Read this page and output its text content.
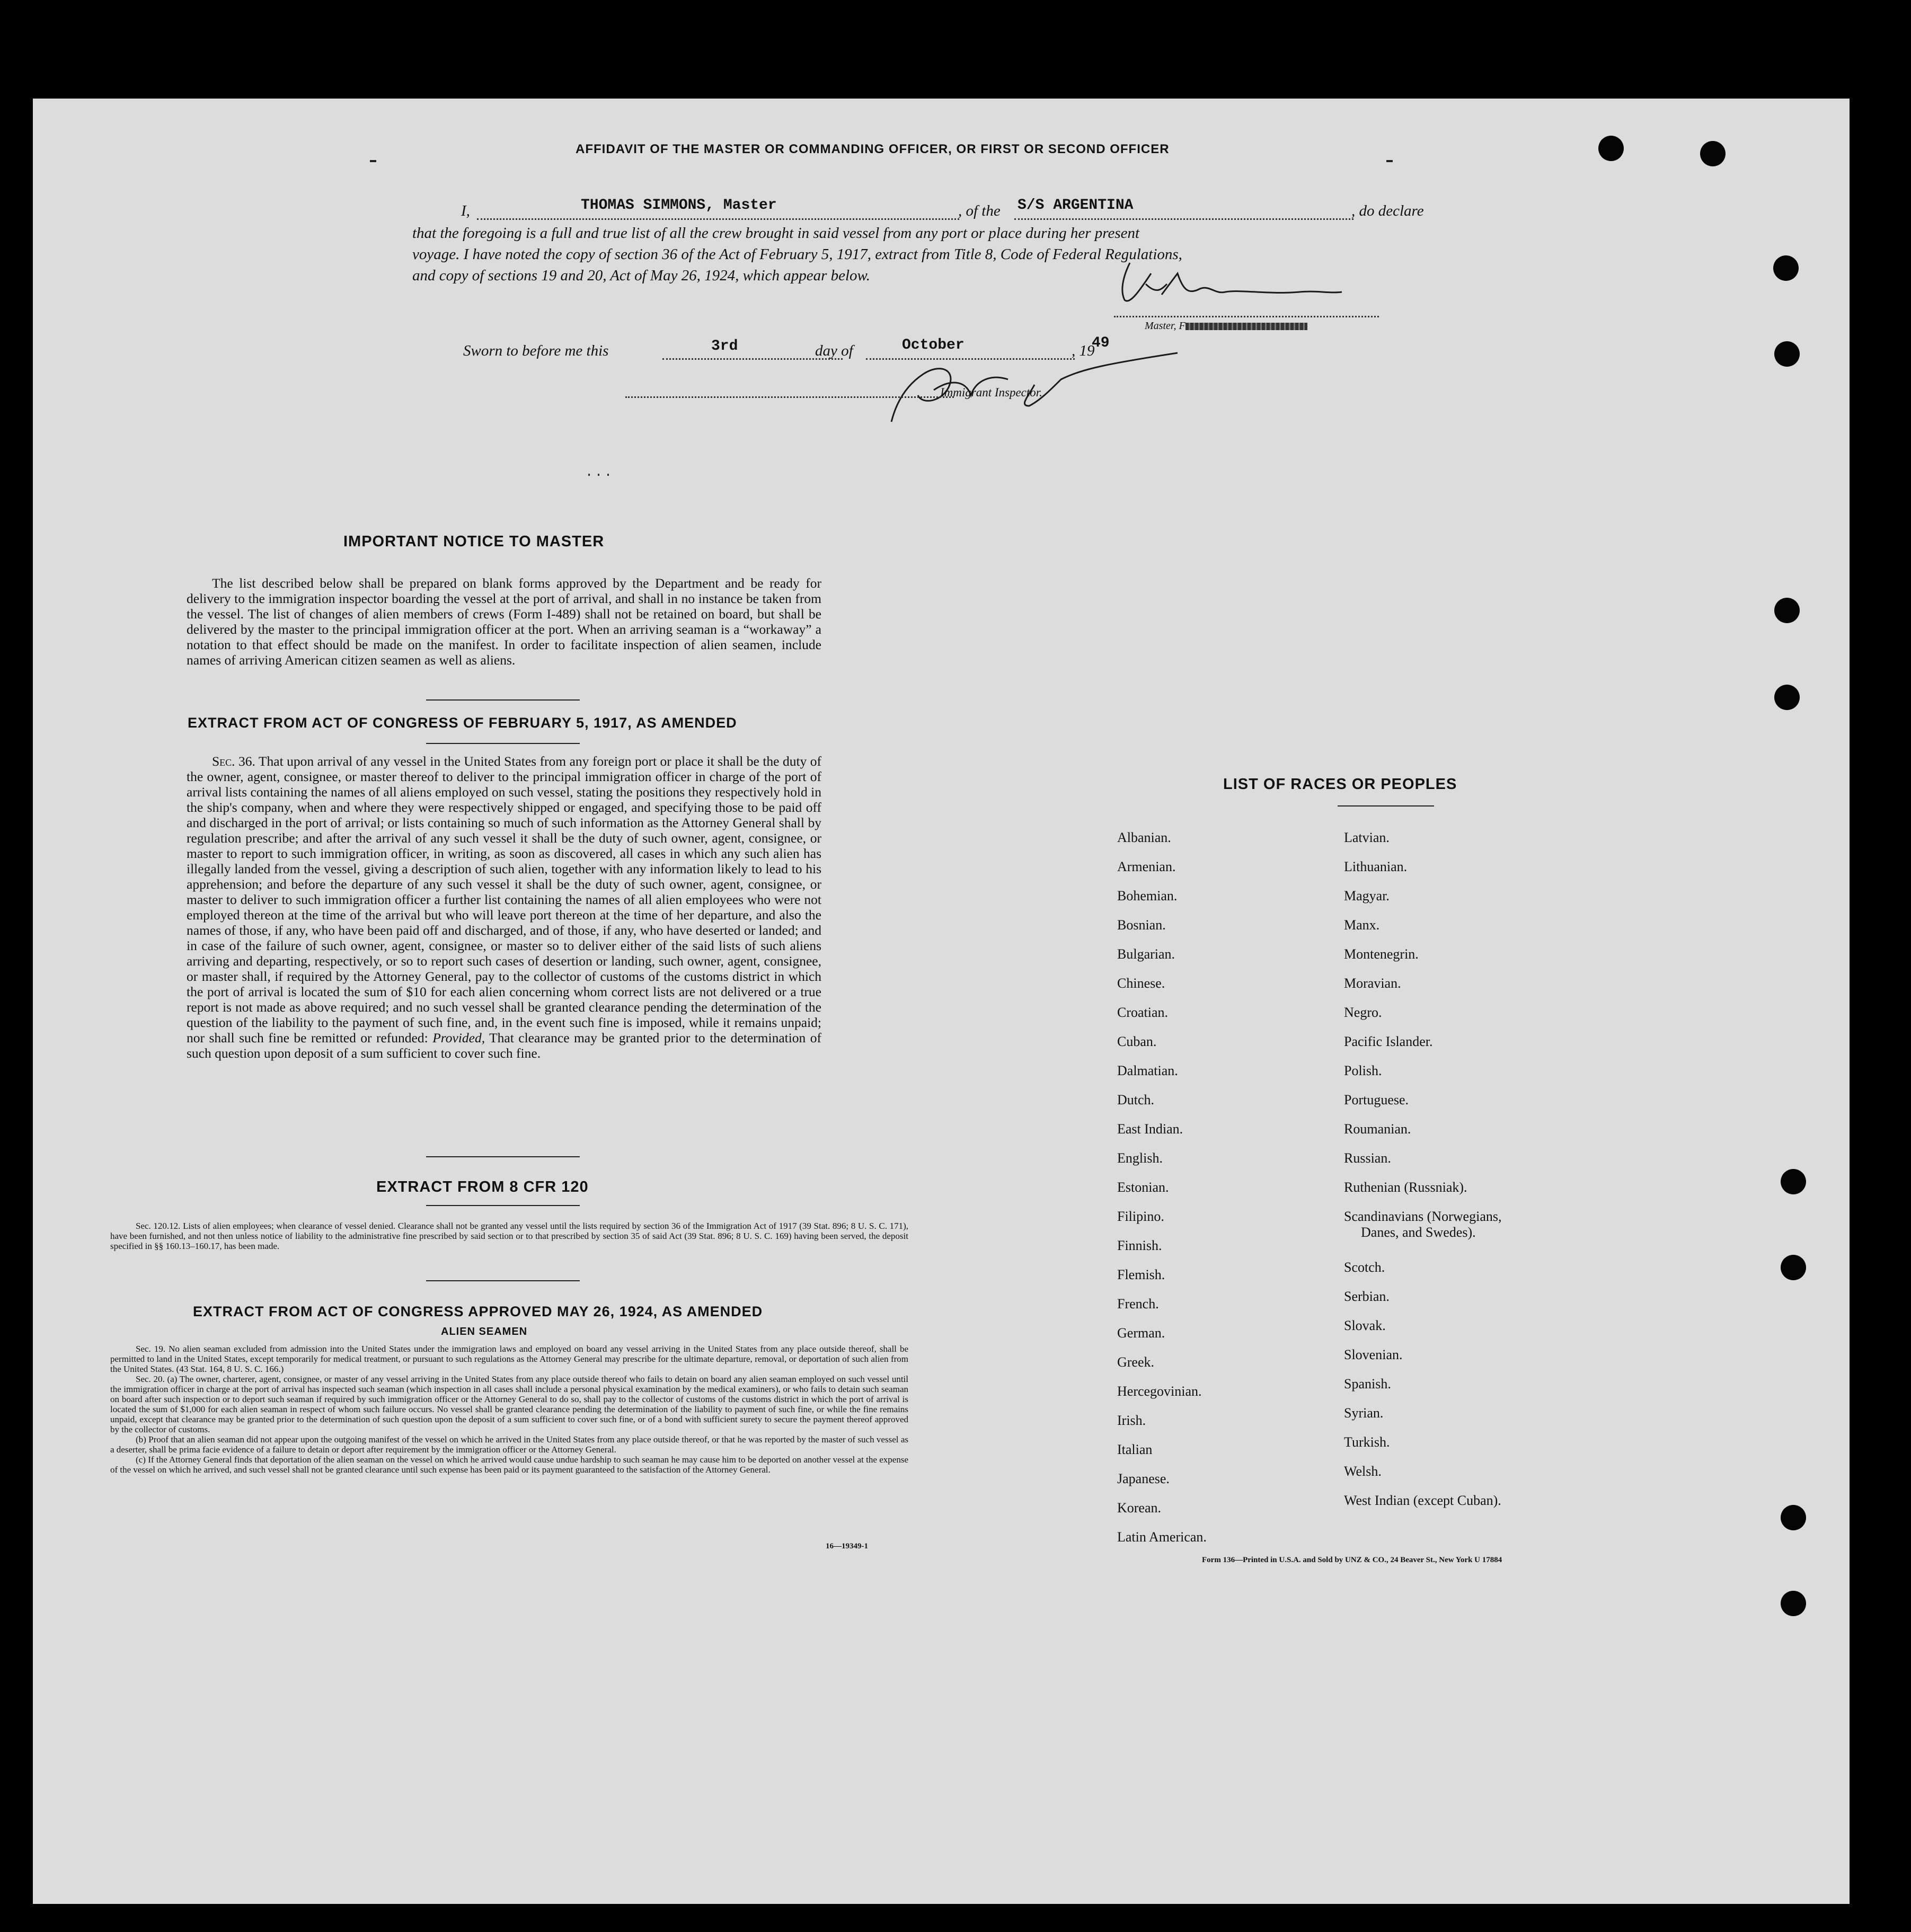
AFFIDAVIT OF THE MASTER OR COMMANDING OFFICER, OR FIRST OR SECOND OFFICER
I,	THOMAS SIMMONS, Master	, of the S/S ARGENTINA	, do declare
that the foregoing is a full and true list of all the crew brought in said vessel from any port or place during her present
voyage. I have noted the copy of section 36 of the Act of February 5, 1917, extract from Title 8, Code of Federal Regulations,
and copy of sections 19 and 20, Act of May 26, 1924, which appear below.
Master, F
Sworn to before me this	3rd	day of	October	, 19
49
Immigrant Inspector.
IMPORTANT NOTICE TO MASTER

The list described below shall be prepared on blank forms approved by the Department and be ready for delivery to the immigration inspector boarding the vessel at the port of arrival, and shall in no instance be taken from the vessel. The list of changes of alien members of crews (Form I-489) shall not be retained on board, but shall be delivered by the master to the principal immigration officer at the port. When an arriving seaman is a “workaway” a notation to that effect should be made on the manifest. In order to facilitate inspection of alien seamen, include names of arriving American citizen seamen as well as aliens.

EXTRACT FROM ACT OF CONGRESS OF FEBRUARY 5, 1917, AS AMENDED

Sec. 36. That upon arrival of any vessel in the United States from any foreign port or place it shall be the duty of the owner, agent, consignee, or master thereof to deliver to the principal immigration officer in charge of the port of arrival lists containing the names of all aliens employed on such vessel, stating the positions they respectively hold in the ship's company, when and where they were respectively shipped or engaged, and specifying those to be paid off and discharged in the port of arrival; or lists containing so much of such information as the Attorney General shall by regulation prescribe; and after the arrival of any such vessel it shall be the duty of such owner, agent, consignee, or master to report to such immigration officer, in writing, as soon as discovered, all cases in which any such alien has illegally landed from the vessel, giving a description of such alien, together with any information likely to lead to his apprehension; and before the departure of any such vessel it shall be the duty of such owner, agent, consignee, or master to deliver to such immigration officer a further list containing the names of all alien employees who were not employed thereon at the time of the arrival but who will leave port thereon at the time of her departure, and also the names of those, if any, who have been paid off and discharged, and of those, if any, who have deserted or landed; and in case of the failure of such owner, agent, consignee, or master so to deliver either of the said lists of such aliens arriving and departing, respectively, or so to report such cases of desertion or landing, such owner, agent, consignee, or master shall, if required by the Attorney General, pay to the collector of customs of the customs district in which the port of arrival is located the sum of $10 for each alien concerning whom correct lists are not delivered or a true report is not made as above required; and no such vessel shall be granted clearance pending the determination of the question of the liability to the payment of such fine, and, in the event such fine is imposed, while it remains unpaid; nor shall such fine be remitted or refunded: Provided, That clearance may be granted prior to the determination of such question upon deposit of a sum sufficient to cover such fine.

EXTRACT FROM 8 CFR 120

Sec. 120.12. Lists of alien employees; when clearance of vessel denied. Clearance shall not be granted any vessel until the lists required by section 36 of the Immigration Act of 1917 (39 Stat. 896; 8 U. S. C. 171), have been furnished, and not then unless notice of liability to the administrative fine prescribed by said section or to that prescribed by section 35 of said Act (39 Stat. 896; 8 U. S. C. 169) having been served, the deposit specified in §§ 160.13–160.17, has been made.

EXTRACT FROM ACT OF CONGRESS APPROVED MAY 26, 1924, AS AMENDED
ALIEN SEAMEN

Sec. 19. No alien seaman excluded from admission into the United States under the immigration laws and employed on board any vessel arriving in the United States from any place outside thereof, shall be permitted to land in the United States, except temporarily for medical treatment, or pursuant to such regulations as the Attorney General may prescribe for the ultimate departure, removal, or deportation of such alien from the United States. (43 Stat. 164, 8 U. S. C. 166.)

Sec. 20. (a) The owner, charterer, agent, consignee, or master of any vessel arriving in the United States from any place outside thereof who fails to detain on board any alien seaman employed on such vessel until the immigration officer in charge at the port of arrival has inspected such seaman (which inspection in all cases shall include a personal physical examination by the medical examiners), or who fails to detain such seaman on board after such inspection or to deport such seaman if required by such immigration officer or the Attorney General to do so, shall pay to the collector of customs of the customs district in which the port of arrival is located the sum of $1,000 for each alien seaman in respect of whom such failure occurs. No vessel shall be granted clearance pending the determination of the liability to payment of such fine, or while the fine remains unpaid, except that clearance may be granted prior to the determination of such question upon the deposit of a sum sufficient to cover such fine, or of a bond with sufficient surety to secure the payment thereof approved by the collector of customs.

(b) Proof that an alien seaman did not appear upon the outgoing manifest of the vessel on which he arrived in the United States from any place outside thereof, or that he was reported by the master of such vessel as a deserter, shall be prima facie evidence of a failure to detain or deport after requirement by the immigration officer or the Attorney General.

(c) If the Attorney General finds that deportation of the alien seaman on the vessel on which he arrived would cause undue hardship to such seaman he may cause him to be deported on another vessel at the expense of the vessel on which he arrived, and such vessel shall not be granted clearance until such expense has been paid or its payment guaranteed to the satisfaction of the Attorney General.

16—19349-1
LIST OF RACES OR PEOPLES
Form 136—Printed in U.S.A. and Sold by UNZ & CO., 24 Beaver St., New York U 17884
Albanian.
Armenian.
Bohemian.
Bosnian.
Bulgarian.
Chinese.
Croatian.
Cuban.
Dalmatian.
Dutch.
East Indian.
English.
Estonian.
Filipino.
Finnish.
Flemish.
French.
German.
Greek.
Hercegovinian.
Irish.
Italian
Japanese.
Korean.
Latin American.
Latvian.
Lithuanian.
Magyar.
Manx.
Montenegrin.
Moravian.
Negro.
Pacific Islander.
Polish.
Portuguese.
Roumanian.
Russian.
Ruthenian (Russniak).
Scandinavians (Norwegians,
Danes, and Swedes).
Scotch.
Serbian.
Slovak.
Slovenian.
Spanish.
Syrian.
Turkish.
Welsh.
West Indian (except Cuban).
